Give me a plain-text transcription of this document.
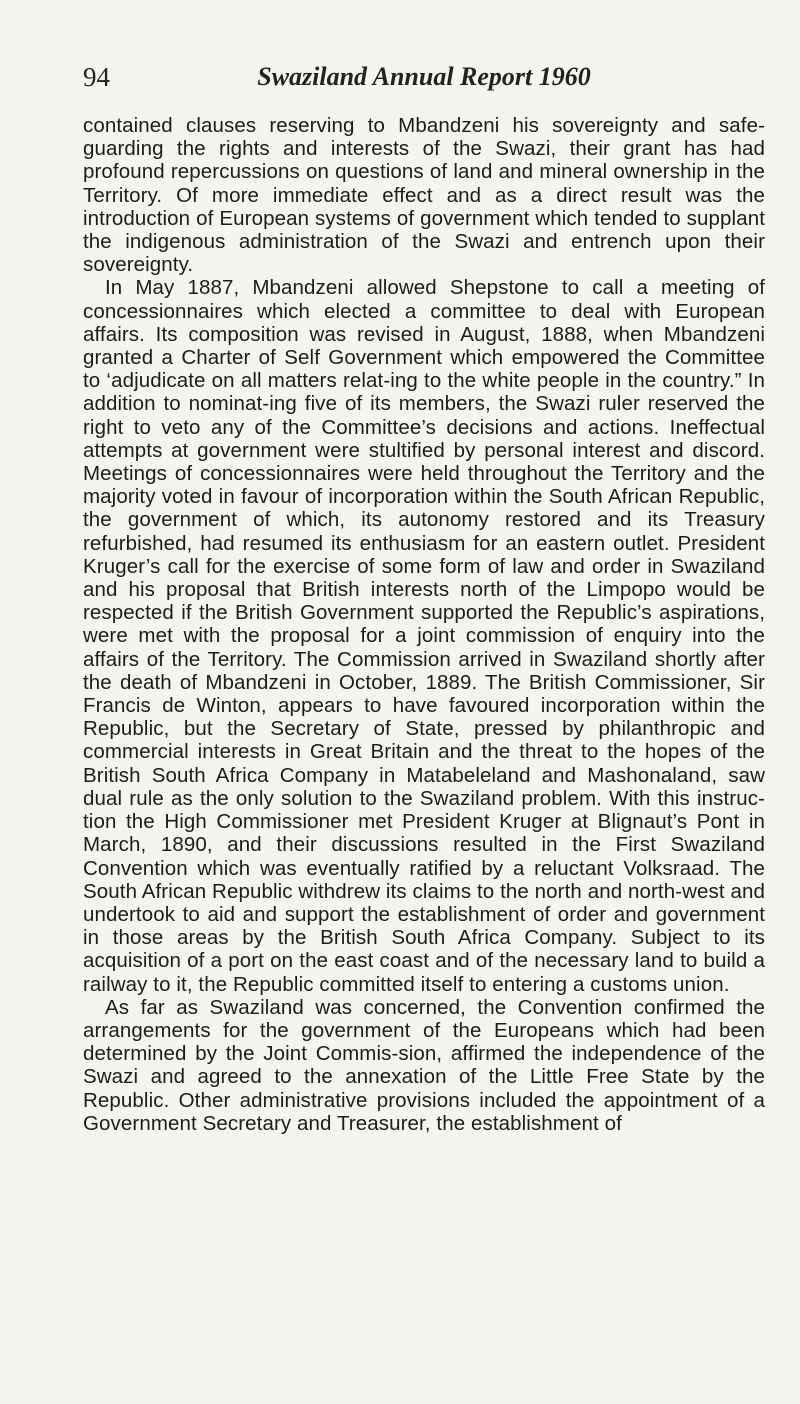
94	Swaziland Annual Report 1960

contained clauses reserving to Mbandzeni his sovereignty and safe-guarding the rights and interests of the Swazi, their grant has had profound repercussions on questions of land and mineral ownership in the Territory. Of more immediate effect and as a direct result was the introduction of European systems of government which tended to supplant the indigenous administration of the Swazi and entrench upon their sovereignty.

In May 1887, Mbandzeni allowed Shepstone to call a meeting of concessionnaires which elected a committee to deal with European affairs. Its composition was revised in August, 1888, when Mbandzeni granted a Charter of Self Government which empowered the Committee to ‘adjudicate on all matters relat-ing to the white people in the country.” In addition to nominat-ing five of its members, the Swazi ruler reserved the right to veto any of the Committee’s decisions and actions. Ineffectual attempts at government were stultified by personal interest and discord. Meetings of concessionnaires were held throughout the Territory and the majority voted in favour of incorporation within the South African Republic, the government of which, its autonomy restored and its Treasury refurbished, had resumed its enthusiasm for an eastern outlet. President Kruger’s call for the exercise of some form of law and order in Swaziland and his proposal that British interests north of the Limpopo would be respected if the British Government supported the Republic’s aspirations, were met with the proposal for a joint commission of enquiry into the affairs of the Territory. The Commission arrived in Swaziland shortly after the death of Mbandzeni in October, 1889. The British Commissioner, Sir Francis de Winton, appears to have favoured incorporation within the Republic, but the Secretary of State, pressed by philanthropic and commercial interests in Great Britain and the threat to the hopes of the British South Africa Company in Matabeleland and Mashonaland, saw dual rule as the only solution to the Swaziland problem. With this instruc-tion the High Commissioner met President Kruger at Blignaut’s Pont in March, 1890, and their discussions resulted in the First Swaziland Convention which was eventually ratified by a reluctant Volksraad. The South African Republic withdrew its claims to the north and north-west and undertook to aid and support the establishment of order and government in those areas by the British South Africa Company. Subject to its acquisition of a port on the east coast and of the necessary land to build a railway to it, the Republic committed itself to entering a customs union.

As far as Swaziland was concerned, the Convention confirmed the arrangements for the government of the Europeans which had been determined by the Joint Commis-sion, affirmed the independence of the Swazi and agreed to the annexation of the Little Free State by the Republic. Other administrative provisions included the appointment of a Government Secretary and Treasurer, the establishment of
